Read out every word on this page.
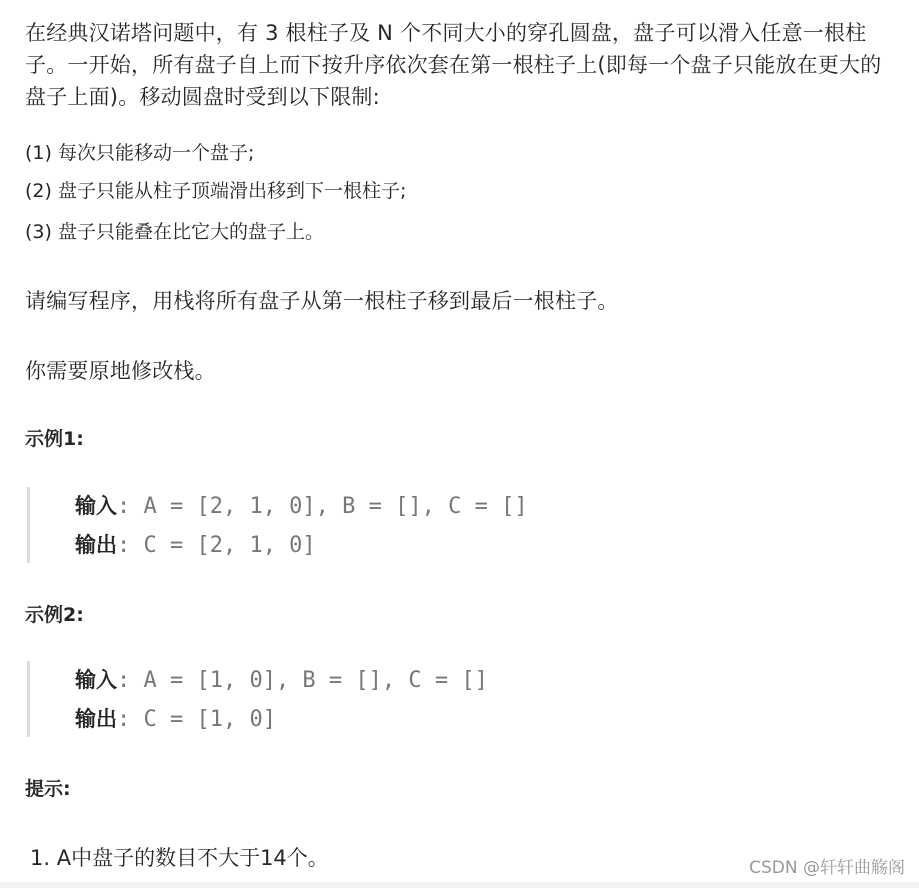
在经典汉诺塔问题中，有 3 根柱子及 N 个不同大小的穿孔圆盘，盘子可以滑入任意一根柱子。一开始，所有盘子自上而下按升序依次套在第一根柱子上(即每一个盘子只能放在更大的盘子上面)。移动圆盘时受到以下限制:
(1) 每次只能移动一个盘子;
(2) 盘子只能从柱子顶端滑出移到下一根柱子;
(3) 盘子只能叠在比它大的盘子上。
请编写程序，用栈将所有盘子从第一根柱子移到最后一根柱子。
你需要原地修改栈。
示例1:
输入: A = [2, 1, 0], B = [], C = []
输出: C = [2, 1, 0]
示例2:
输入: A = [1, 0], B = [], C = []
输出: C = [1, 0]
提示:
1. A中盘子的数目不大于14个。	CSDN @轩轩曲觞阁
